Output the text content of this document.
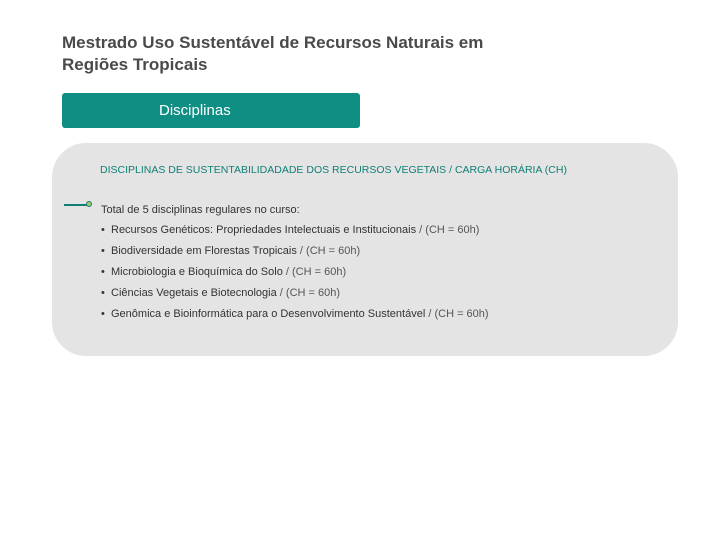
Mestrado Uso Sustentável de Recursos Naturais em
Regiões Tropicais
Disciplinas
DISCIPLINAS DE SUSTENTABILIDADADE DOS RECURSOS VEGETAIS / CARGA HORÁRIA (CH)
Total de 5 disciplinas regulares no curso:
• Recursos Genéticos: Propriedades Intelectuais e Institucionais / (CH = 60h)
• Biodiversidade em Florestas Tropicais / (CH = 60h)
• Microbiologia e Bioquímica do Solo / (CH = 60h)
• Ciências Vegetais e Biotecnologia / (CH = 60h)
• Genômica e Bioinformática para o Desenvolvimento Sustentável / (CH = 60h)
